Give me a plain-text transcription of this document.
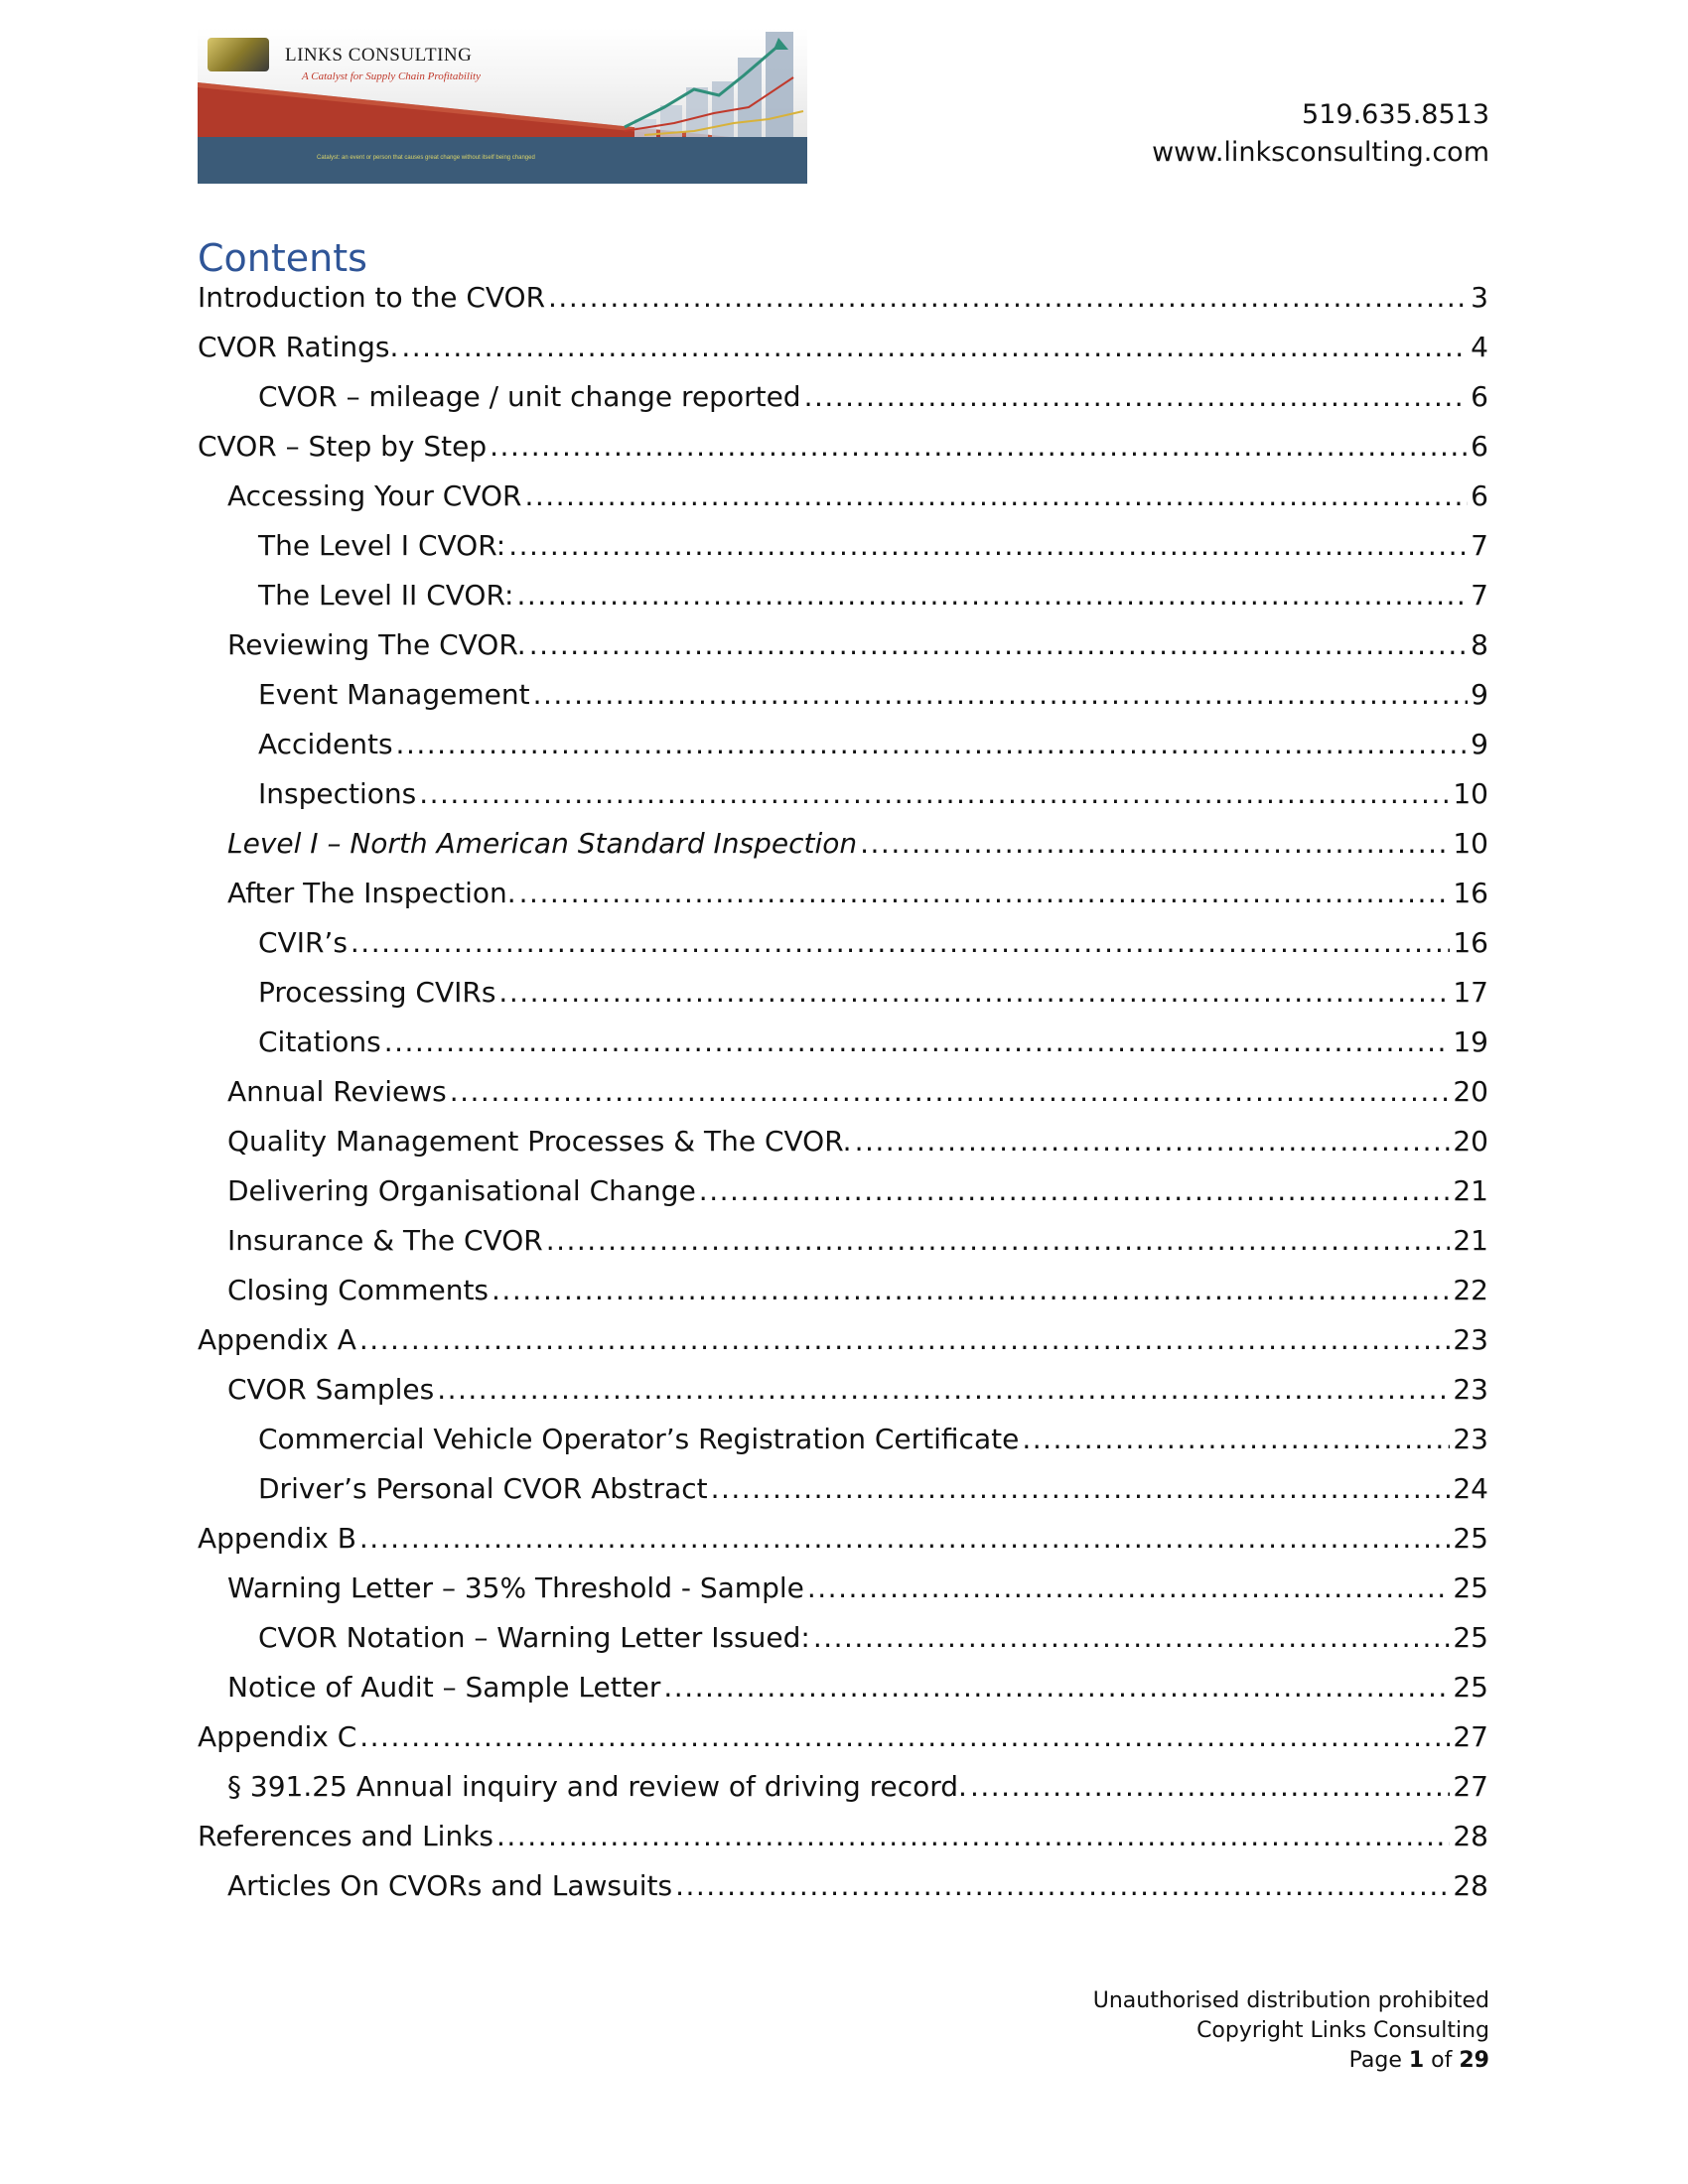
LINKS CONSULTING
A Catalyst for Supply Chain Profitability
Catalyst: an event or person that causes great change without itself being changed
519.635.8513
www.linksconsulting.com
Contents
Introduction to the CVOR .....	3
CVOR Ratings. .....	4
CVOR – mileage / unit change reported .....	6
CVOR – Step by Step .....	6
Accessing Your CVOR .....	6
The Level I CVOR: .....	7
The Level II CVOR: .....	7
Reviewing The CVOR. .....	8
Event Management .....	9
Accidents .....	9
Inspections .....	10
Level I – North American Standard Inspection .....	10
After The Inspection. .....	16
CVIR’s .....	16
Processing CVIRs .....	17
Citations .....	19
Annual Reviews .....	20
Quality Management Processes & The CVOR. .....	20
Delivering Organisational Change .....	21
Insurance & The CVOR .....	21
Closing Comments .....	22
Appendix A .....	23
CVOR Samples .....	23
Commercial Vehicle Operator’s Registration Certificate .....	23
Driver’s Personal CVOR Abstract .....	24
Appendix B .....	25
Warning Letter – 35% Threshold - Sample .....	25
CVOR Notation – Warning Letter Issued: .....	25
Notice of Audit – Sample Letter .....	25
Appendix C .....	27
§ 391.25 Annual inquiry and review of driving record. .....	27
References and Links .....	28
Articles On CVORs and Lawsuits .....	28
Unauthorised distribution prohibited
Copyright Links Consulting
Page 1 of 29
